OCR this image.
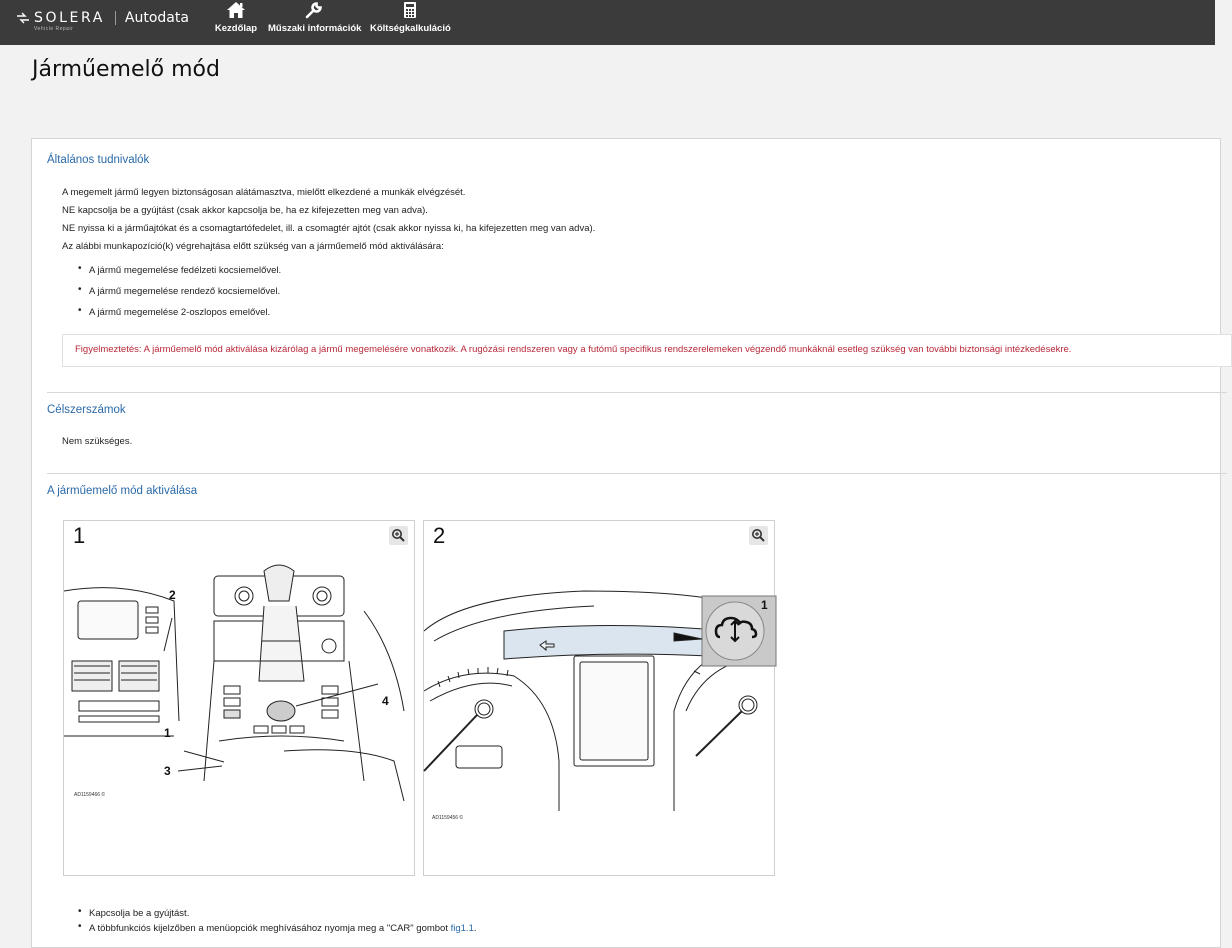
SOLERA
Vehicle Repair
Autodata
Kezdőlap Műszaki információk Költségkalkuláció
Járműemelő mód
Általános tudnivalók
A megemelt jármű legyen biztonságosan alátámasztva, mielőtt elkezdené a munkák elvégzését.
NE kapcsolja be a gyújtást (csak akkor kapcsolja be, ha ez kifejezetten meg van adva).
NE nyissa ki a járműajtókat és a csomagtartófedelet, ill. a csomagtér ajtót (csak akkor nyissa ki, ha kifejezetten meg van adva).
Az alábbi munkapozíció(k) végrehajtása előtt szükség van a járműemelő mód aktiválására:
• A jármű megemelése fedélzeti kocsiemelővel.
• A jármű megemelése rendező kocsiemelővel.
• A jármű megemelése 2-oszlopos emelővel.
Figyelmeztetés: A járműemelő mód aktiválása kizárólag a jármű megemelésére vonatkozik. A rugózási rendszeren vagy a futómű specifikus rendszerelemeken végzendő munkáknál esetleg szükség van további biztonsági intézkedésekre.
Célszerszámok
Nem szükséges.
A járműemelő mód aktiválása
1
2
1
3
4
AD1159466 ©
2
1
AD1159456 ©
• Kapcsolja be a gyújtást.
• A többfunkciós kijelzőben a menüopciók meghívásához nyomja meg a "CAR" gombot fig1.1.
